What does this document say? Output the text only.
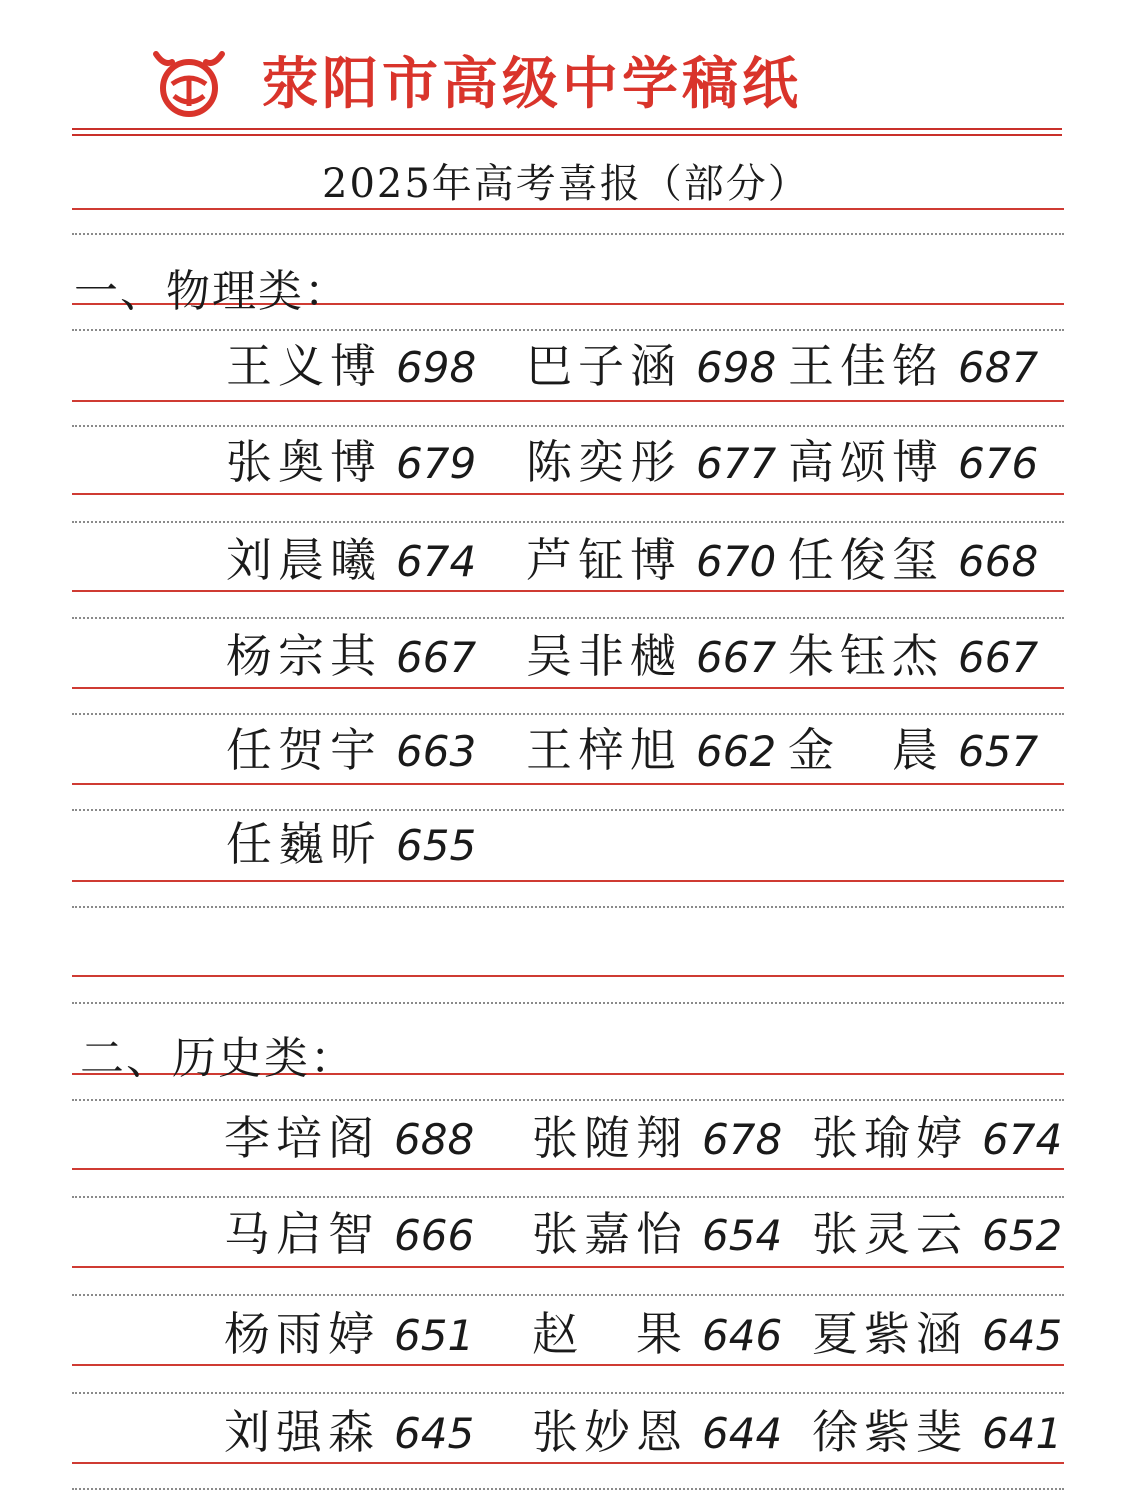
荥阳市高级中学稿纸
2025年高考喜报（部分）
一、物理类：
二、历史类：
王义博 698 巴子涵 698 王佳铭 687
张奥博 679 陈奕彤 677 高颂博 676
刘晨曦 674 芦钲博 670 任俊玺 668
杨宗其 667 吴非樾 667 朱钰杰 667
任贺宇 663 王梓旭 662 金　晨 657
任巍昕 655
李培阁 688 张随翔 678 张瑜婷 674
马启智 666 张嘉怡 654 张灵云 652
杨雨婷 651 赵　果 646 夏紫涵 645
刘强森 645 张妙恩 644 徐紫斐 641
